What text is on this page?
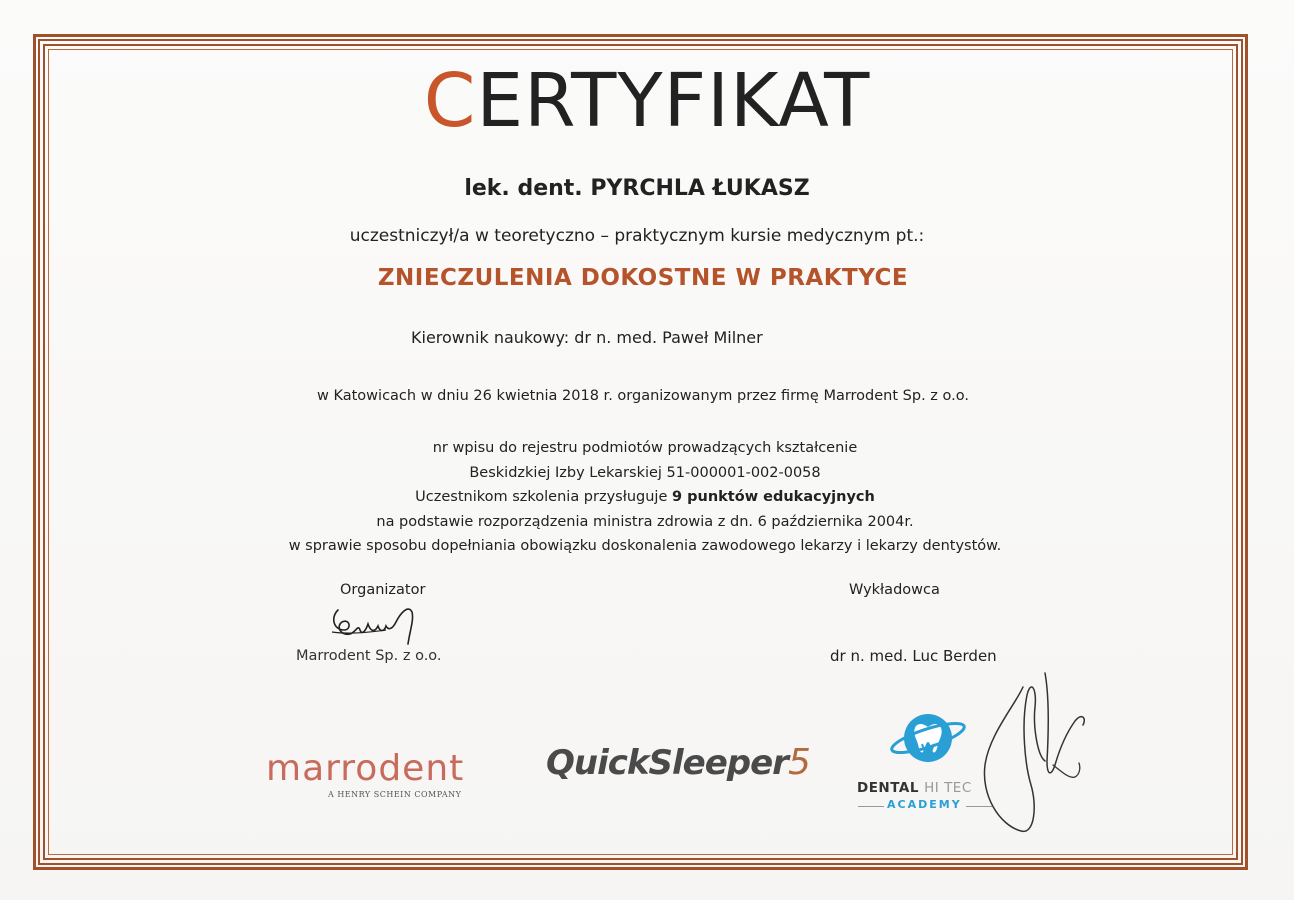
CERTYFIKAT
lek. dent. PYRCHLA ŁUKASZ
uczestniczył/a w teoretyczno – praktycznym kursie medycznym pt.:
ZNIECZULENIA DOKOSTNE W PRAKTYCE
Kierownik naukowy: dr n. med. Paweł Milner
w Katowicach w dniu 26 kwietnia 2018 r. organizowanym przez firmę Marrodent Sp. z o.o.
nr wpisu do rejestru podmiotów prowadzących kształcenie
Beskidzkiej Izby Lekarskiej 51-000001-002-0058
Uczestnikom szkolenia przysługuje 9 punktów edukacyjnych
na podstawie rozporządzenia ministra zdrowia z dn. 6 października 2004r.
w sprawie sposobu dopełniania obowiązku doskonalenia zawodowego lekarzy i lekarzy dentystów.
Organizator
Marrodent Sp. z o.o.
Wykładowca
dr n. med. Luc Berden
marrodent
A HENRY SCHEIN COMPANY
QuickSleeper5
DENTAL HI TEC
ACADEMY
